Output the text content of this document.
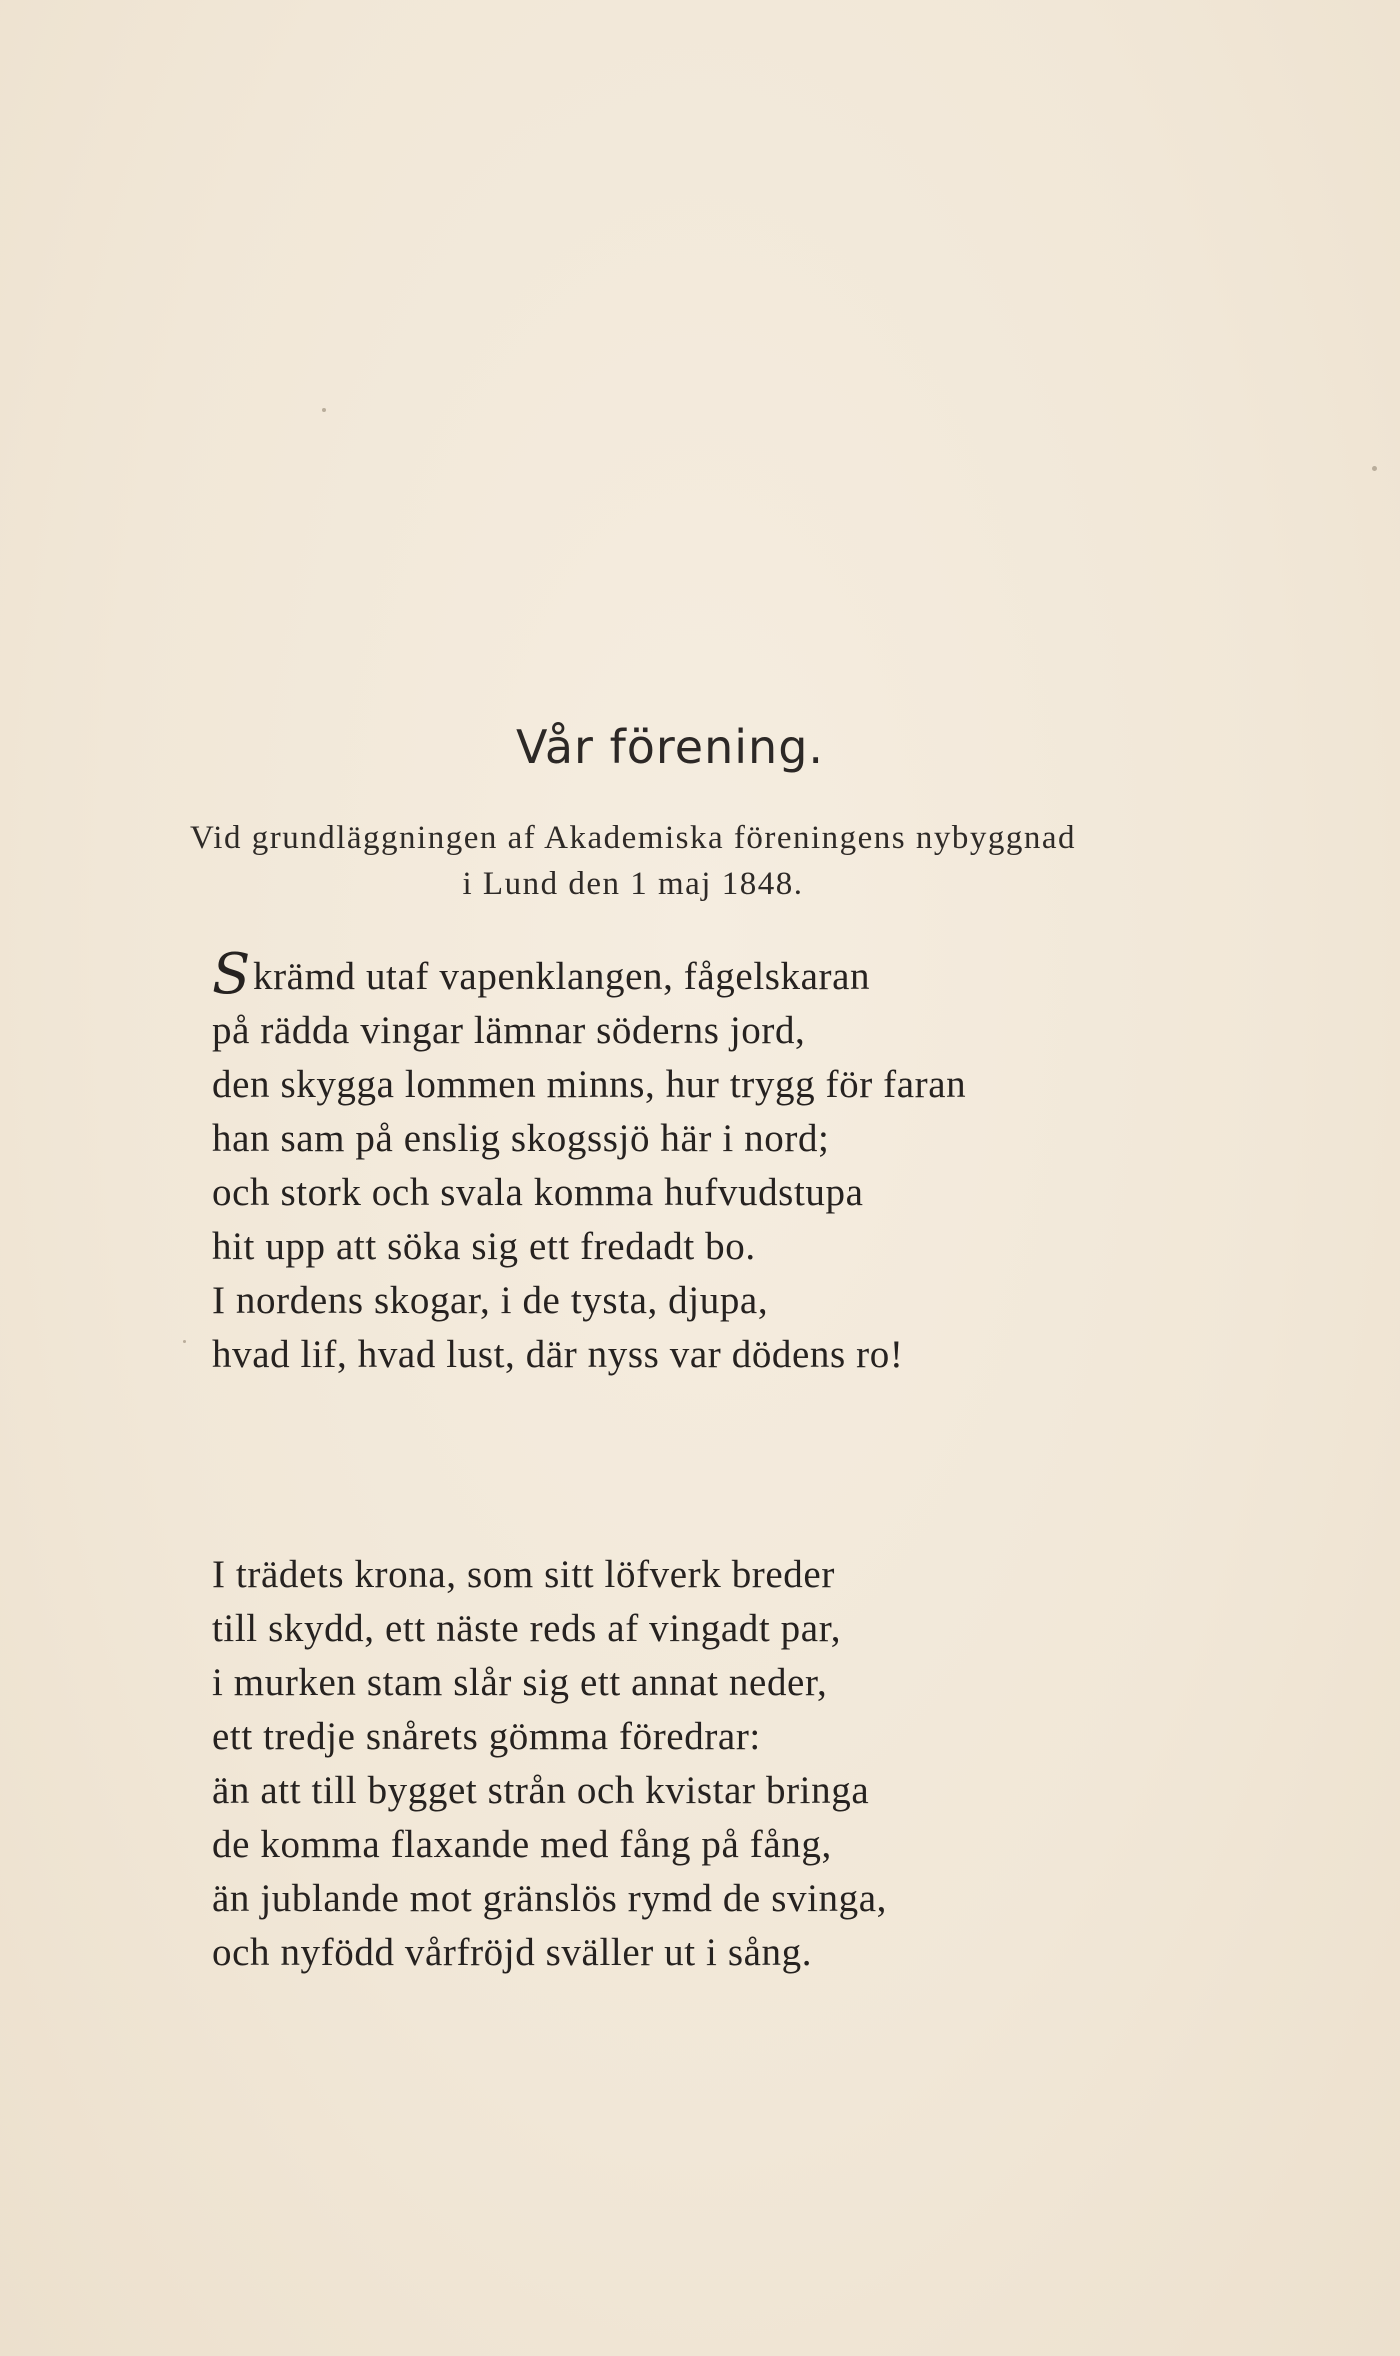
Vår förening.
Vid grundläggningen af Akademiska föreningens nybyggnad
i Lund den 1 maj 1848.
Skrämd utaf vapenklangen, fågelskaran
på rädda vingar lämnar söderns jord,
den skygga lommen minns, hur trygg för faran
han sam på enslig skogssjö här i nord;
och stork och svala komma hufvudstupa
hit upp att söka sig ett fredadt bo.
I nordens skogar, i de tysta, djupa,
hvad lif, hvad lust, där nyss var dödens ro!
I trädets krona, som sitt löfverk breder
till skydd, ett näste reds af vingadt par,
i murken stam slår sig ett annat neder,
ett tredje snårets gömma föredrar:
än att till bygget strån och kvistar bringa
de komma flaxande med fång på fång,
än jublande mot gränslös rymd de svinga,
och nyfödd vårfröjd sväller ut i sång.
